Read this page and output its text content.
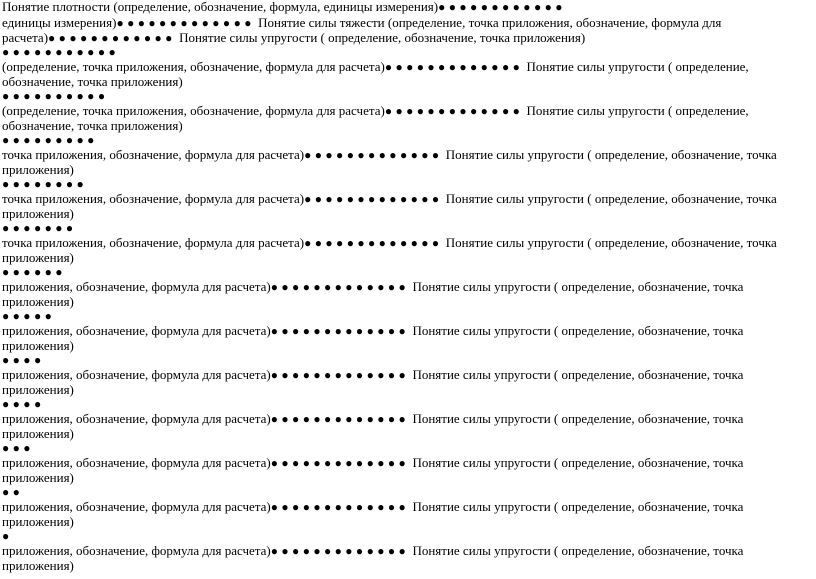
Понятие плотности (определение, обозначение, формула, единицы измерения)●●●●●●●●●●●●
единицы измерения)●●●●●●●●●●●●● Понятие силы тяжести (определение, точка приложения, обозначение, формула для расчета)●●●●●●●●●●●● Понятие силы упругости ( определение, обозначение, точка приложения)
●●●●●●●●●●●
(определение, точка приложения, обозначение, формула для расчета)●●●●●●●●●●●●● Понятие силы упругости ( определение, обозначение, точка приложения)
●●●●●●●●●●
(определение, точка приложения, обозначение, формула для расчета)●●●●●●●●●●●●● Понятие силы упругости ( определение, обозначение, точка приложения)
●●●●●●●●●
точка приложения, обозначение, формула для расчета)●●●●●●●●●●●●● Понятие силы упругости ( определение, обозначение, точка приложения)
●●●●●●●●
точка приложения, обозначение, формула для расчета)●●●●●●●●●●●●● Понятие силы упругости ( определение, обозначение, точка приложения)
●●●●●●●
точка приложения, обозначение, формула для расчета)●●●●●●●●●●●●● Понятие силы упругости ( определение, обозначение, точка приложения)
●●●●●●
приложения, обозначение, формула для расчета)●●●●●●●●●●●●● Понятие силы упругости ( определение, обозначение, точка приложения)
●●●●●
приложения, обозначение, формула для расчета)●●●●●●●●●●●●● Понятие силы упругости ( определение, обозначение, точка приложения)
●●●●
приложения, обозначение, формула для расчета)●●●●●●●●●●●●● Понятие силы упругости ( определение, обозначение, точка приложения)
●●●●
приложения, обозначение, формула для расчета)●●●●●●●●●●●●● Понятие силы упругости ( определение, обозначение, точка приложения)
●●●
приложения, обозначение, формула для расчета)●●●●●●●●●●●●● Понятие силы упругости ( определение, обозначение, точка приложения)
●●
приложения, обозначение, формула для расчета)●●●●●●●●●●●●● Понятие силы упругости ( определение, обозначение, точка приложения)
●
приложения, обозначение, формула для расчета)●●●●●●●●●●●●● Понятие силы упругости ( определение, обозначение, точка приложения)
